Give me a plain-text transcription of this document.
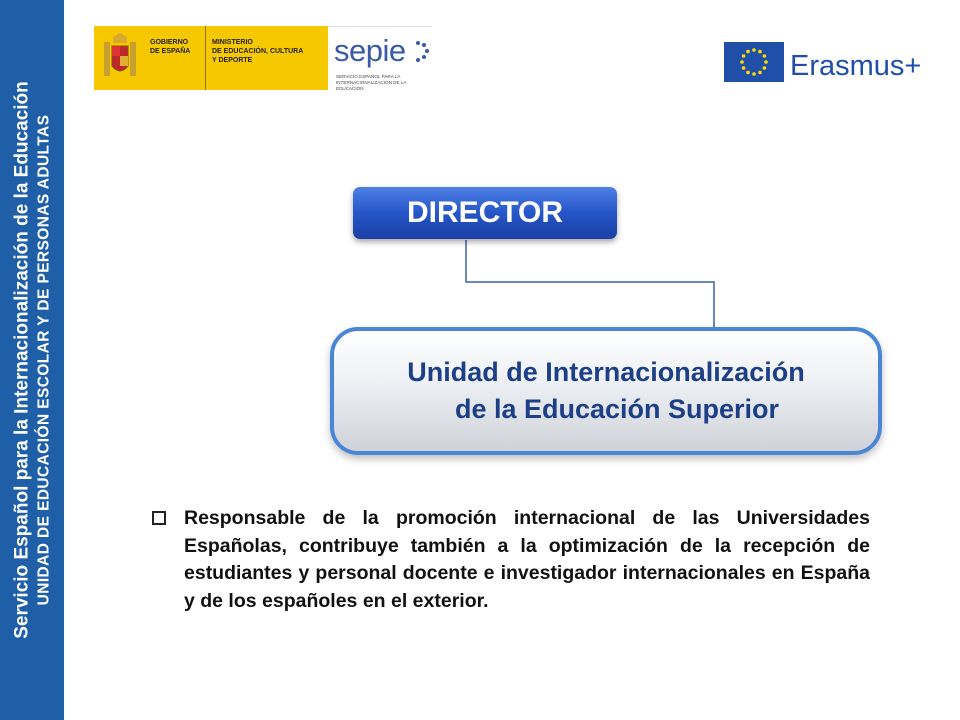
Servicio Español para la Internacionalización de la Educación UNIDAD DE EDUCACIÓN ESCOLAR Y DE PERSONAS ADULTAS
GOBIERNO
DE ESPAÑA
MINISTERIO
DE EDUCACIÓN, CULTURA
Y DEPORTE	sepie
SERVICIO ESPAÑOL PARA LA INTERNACIONALIZACIÓN DE LA EDUCACIÓN
Erasmus+
DIRECTOR
Unidad de Internacionalización
de la Educación Superior
Responsable de la promoción internacional de las Universidades Españolas, contribuye también a la optimización de la recepción de estudiantes y personal docente e investigador internacionales en España y de los españoles en el exterior.
